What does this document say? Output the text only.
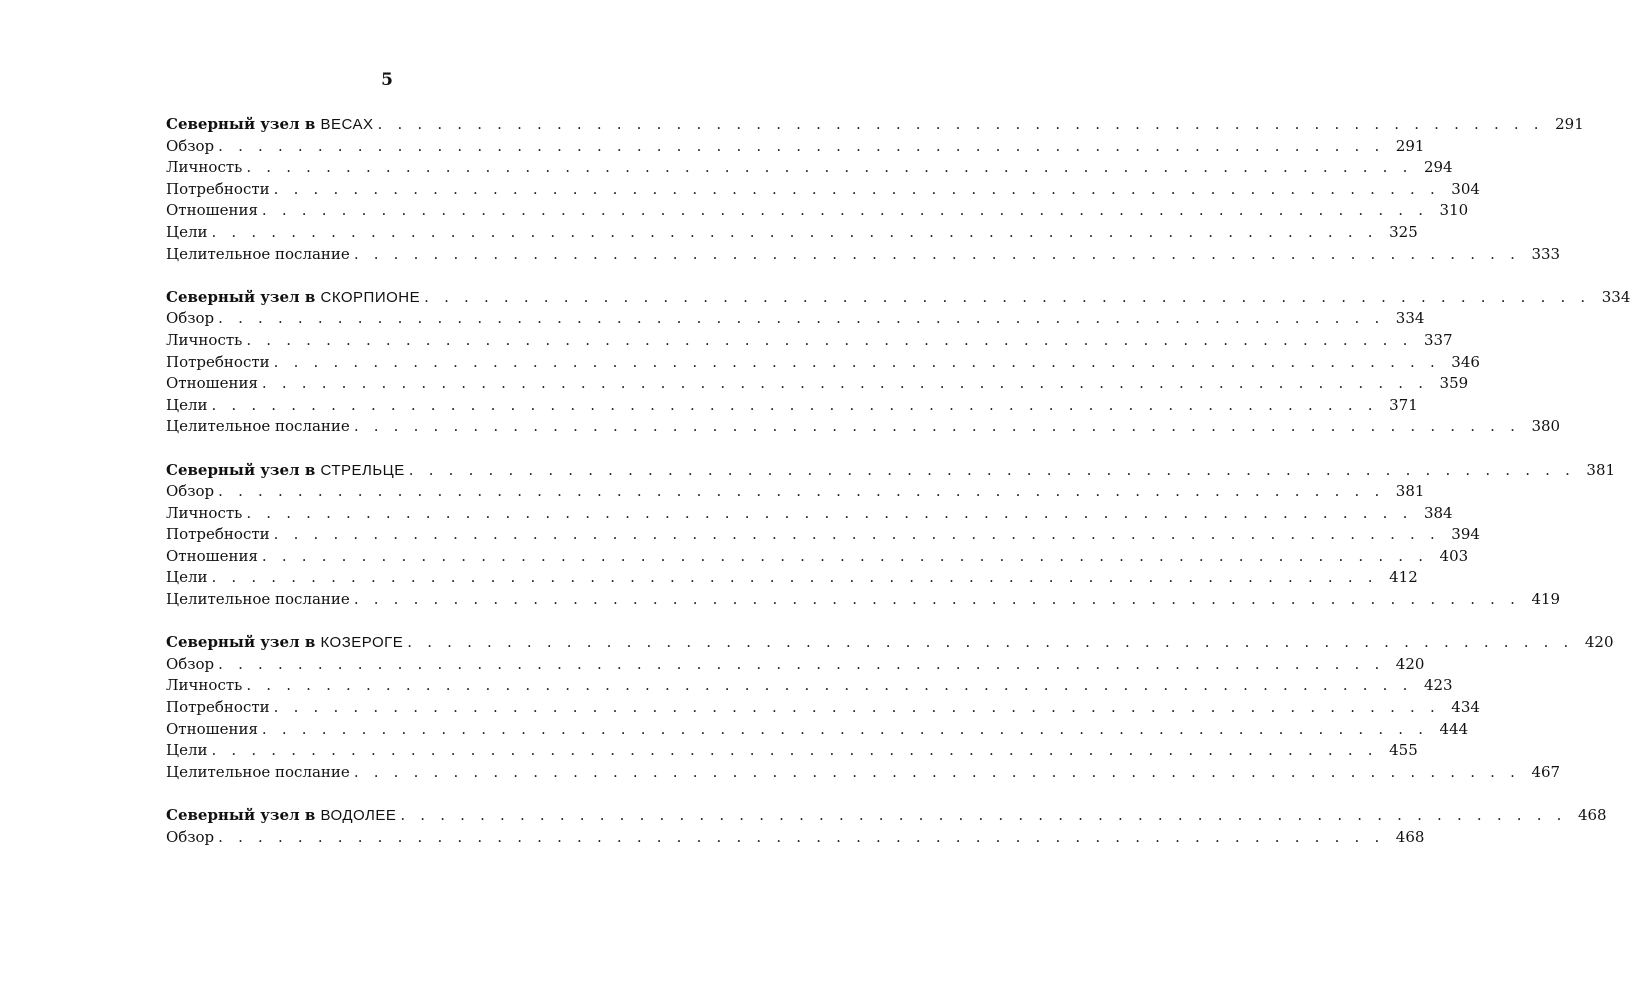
5
Северный узел в ВЕСАХ . . . . . . . . . . . . . . . . . . . . . . . . . . . . . . . . . . . . . . . . . . . . . . . . . . . . . . . . . . . 291
Обзор . . . . . . . . . . . . . . . . . . . . . . . . . . . . . . . . . . . . . . . . . . . . . . . . . . . . . . . . . . . 291
Личность . . . . . . . . . . . . . . . . . . . . . . . . . . . . . . . . . . . . . . . . . . . . . . . . . . . . . . . . . . . 294
Потребности . . . . . . . . . . . . . . . . . . . . . . . . . . . . . . . . . . . . . . . . . . . . . . . . . . . . . . . . . . . 304
Отношения . . . . . . . . . . . . . . . . . . . . . . . . . . . . . . . . . . . . . . . . . . . . . . . . . . . . . . . . . . . 310
Цели . . . . . . . . . . . . . . . . . . . . . . . . . . . . . . . . . . . . . . . . . . . . . . . . . . . . . . . . . . . 325
Целительное послание . . . . . . . . . . . . . . . . . . . . . . . . . . . . . . . . . . . . . . . . . . . . . . . . . . . . . . . . . . . 333
Северный узел в СКОРПИОНЕ . . . . . . . . . . . . . . . . . . . . . . . . . . . . . . . . . . . . . . . . . . . . . . . . . . . . . . . . . . . 334
Обзор . . . . . . . . . . . . . . . . . . . . . . . . . . . . . . . . . . . . . . . . . . . . . . . . . . . . . . . . . . . 334
Личность . . . . . . . . . . . . . . . . . . . . . . . . . . . . . . . . . . . . . . . . . . . . . . . . . . . . . . . . . . . 337
Потребности . . . . . . . . . . . . . . . . . . . . . . . . . . . . . . . . . . . . . . . . . . . . . . . . . . . . . . . . . . . 346
Отношения . . . . . . . . . . . . . . . . . . . . . . . . . . . . . . . . . . . . . . . . . . . . . . . . . . . . . . . . . . . 359
Цели . . . . . . . . . . . . . . . . . . . . . . . . . . . . . . . . . . . . . . . . . . . . . . . . . . . . . . . . . . . 371
Целительное послание . . . . . . . . . . . . . . . . . . . . . . . . . . . . . . . . . . . . . . . . . . . . . . . . . . . . . . . . . . . 380
Северный узел в СТРЕЛЬЦЕ . . . . . . . . . . . . . . . . . . . . . . . . . . . . . . . . . . . . . . . . . . . . . . . . . . . . . . . . . . . 381
Обзор . . . . . . . . . . . . . . . . . . . . . . . . . . . . . . . . . . . . . . . . . . . . . . . . . . . . . . . . . . . 381
Личность . . . . . . . . . . . . . . . . . . . . . . . . . . . . . . . . . . . . . . . . . . . . . . . . . . . . . . . . . . . 384
Потребности . . . . . . . . . . . . . . . . . . . . . . . . . . . . . . . . . . . . . . . . . . . . . . . . . . . . . . . . . . . 394
Отношения . . . . . . . . . . . . . . . . . . . . . . . . . . . . . . . . . . . . . . . . . . . . . . . . . . . . . . . . . . . 403
Цели . . . . . . . . . . . . . . . . . . . . . . . . . . . . . . . . . . . . . . . . . . . . . . . . . . . . . . . . . . . 412
Целительное послание . . . . . . . . . . . . . . . . . . . . . . . . . . . . . . . . . . . . . . . . . . . . . . . . . . . . . . . . . . . 419
Северный узел в КОЗЕРОГЕ . . . . . . . . . . . . . . . . . . . . . . . . . . . . . . . . . . . . . . . . . . . . . . . . . . . . . . . . . . . 420
Обзор . . . . . . . . . . . . . . . . . . . . . . . . . . . . . . . . . . . . . . . . . . . . . . . . . . . . . . . . . . . 420
Личность . . . . . . . . . . . . . . . . . . . . . . . . . . . . . . . . . . . . . . . . . . . . . . . . . . . . . . . . . . . 423
Потребности . . . . . . . . . . . . . . . . . . . . . . . . . . . . . . . . . . . . . . . . . . . . . . . . . . . . . . . . . . . 434
Отношения . . . . . . . . . . . . . . . . . . . . . . . . . . . . . . . . . . . . . . . . . . . . . . . . . . . . . . . . . . . 444
Цели . . . . . . . . . . . . . . . . . . . . . . . . . . . . . . . . . . . . . . . . . . . . . . . . . . . . . . . . . . . 455
Целительное послание . . . . . . . . . . . . . . . . . . . . . . . . . . . . . . . . . . . . . . . . . . . . . . . . . . . . . . . . . . . 467
Северный узел в ВОДОЛЕЕ . . . . . . . . . . . . . . . . . . . . . . . . . . . . . . . . . . . . . . . . . . . . . . . . . . . . . . . . . . . 468
Обзор . . . . . . . . . . . . . . . . . . . . . . . . . . . . . . . . . . . . . . . . . . . . . . . . . . . . . . . . . . . 468
